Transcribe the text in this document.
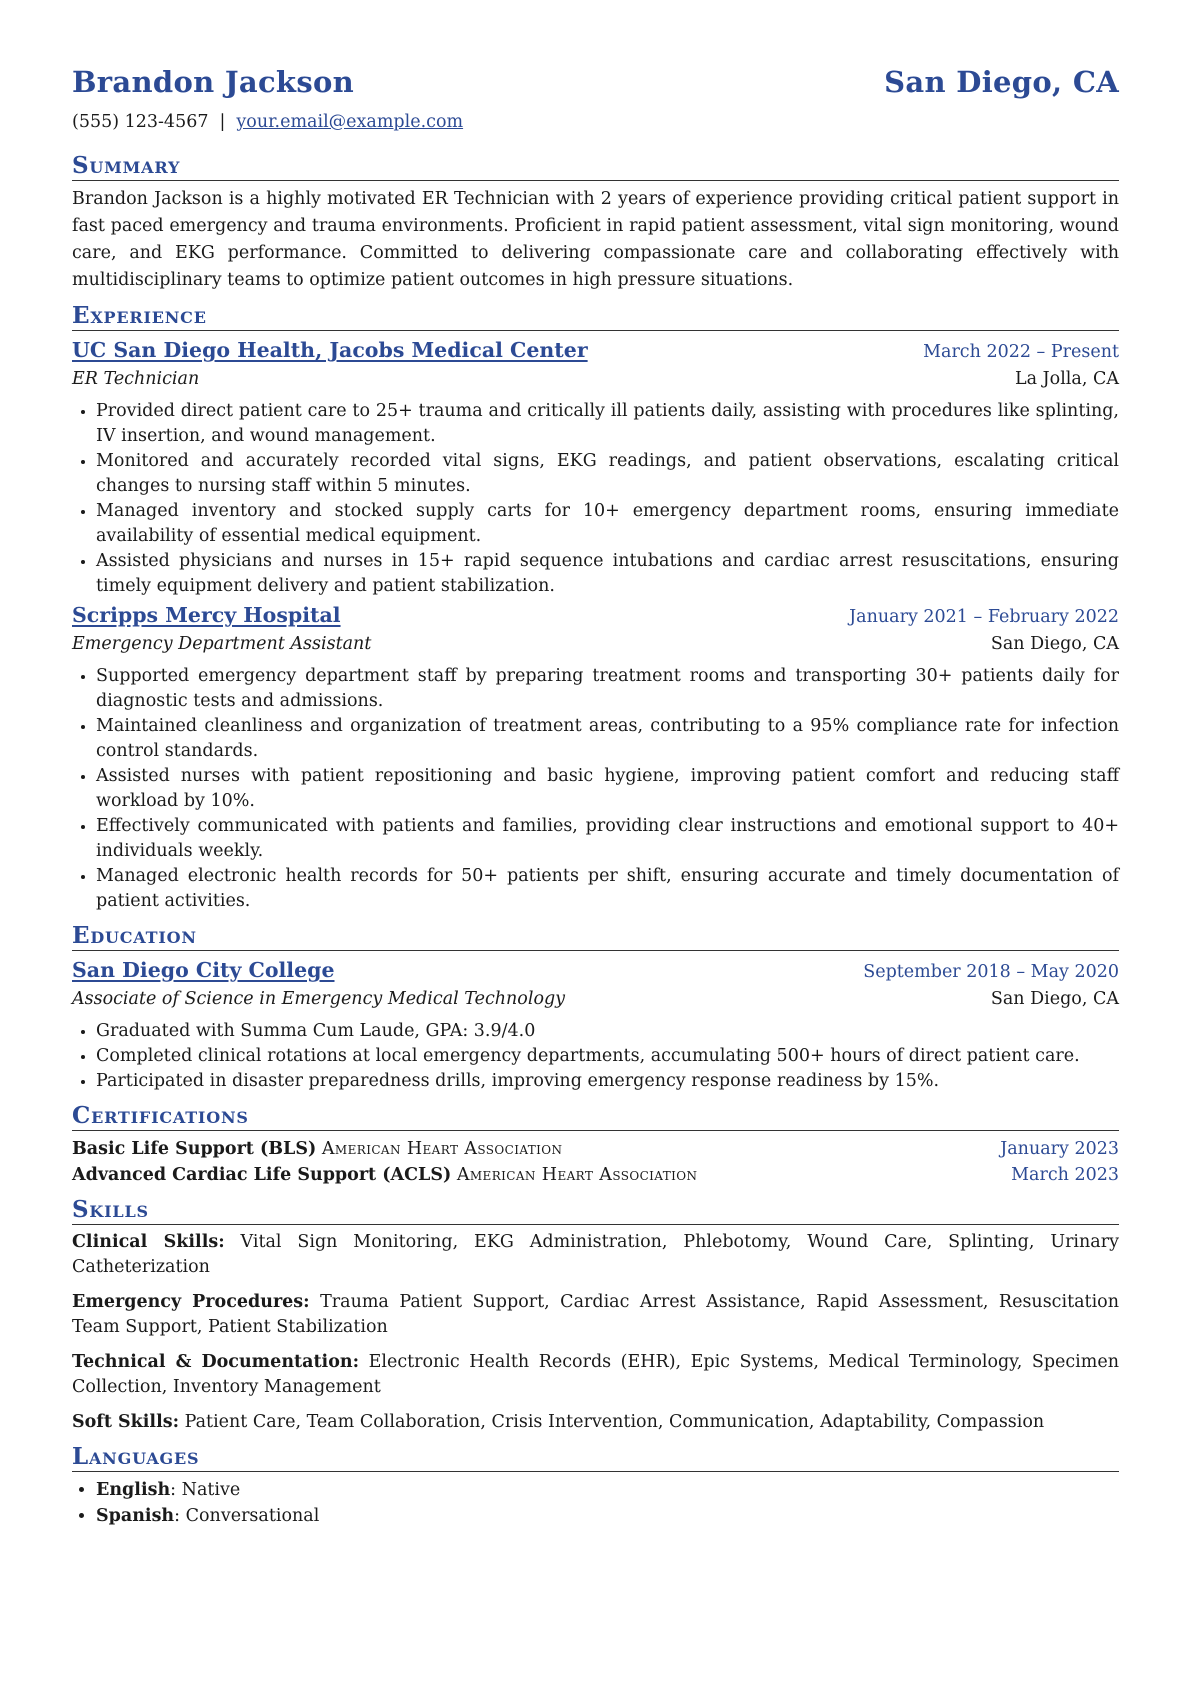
Brandon Jackson	San Diego, CA
(555) 123-4567 | your.email@example.com
Summary

Brandon Jackson is a highly motivated ER Technician with 2 years of experience providing critical patient support in fast paced emergency and trauma environments. Proficient in rapid patient assessment, vital sign monitoring, wound care, and EKG performance. Committed to delivering compassionate care and collaborating effectively with multidisciplinary teams to optimize patient outcomes in high pressure situations.

Experience
UC San Diego Health, Jacobs Medical Center	March 2022 – Present
ER Technician	La Jolla, CA
• Provided direct patient care to 25+ trauma and critically ill patients daily, assisting with procedures like splinting, IV insertion, and wound management.
• Monitored and accurately recorded vital signs, EKG readings, and patient observations, escalating critical changes to nursing staff within 5 minutes.
• Managed inventory and stocked supply carts for 10+ emergency department rooms, ensuring immediate availability of essential medical equipment.
• Assisted physicians and nurses in 15+ rapid sequence intubations and cardiac arrest resuscitations, ensuring timely equipment delivery and patient stabilization.
Scripps Mercy Hospital	January 2021 – February 2022
Emergency Department Assistant	San Diego, CA
• Supported emergency department staff by preparing treatment rooms and transporting 30+ patients daily for diagnostic tests and admissions.
• Maintained cleanliness and organization of treatment areas, contributing to a 95% compliance rate for infection control standards.
• Assisted nurses with patient repositioning and basic hygiene, improving patient comfort and reducing staff workload by 10%.
• Effectively communicated with patients and families, providing clear instructions and emotional support to 40+ individuals weekly.
• Managed electronic health records for 50+ patients per shift, ensuring accurate and timely documentation of patient activities.
Education
San Diego City College	September 2018 – May 2020
Associate of Science in Emergency Medical Technology	San Diego, CA
• Graduated with Summa Cum Laude, GPA: 3.9/4.0
• Completed clinical rotations at local emergency departments, accumulating 500+ hours of direct patient care.
• Participated in disaster preparedness drills, improving emergency response readiness by 15%.
Certifications
Basic Life Support (BLS) American Heart Association	January 2023
Advanced Cardiac Life Support (ACLS) American Heart Association	March 2023
Skills
Clinical Skills: Vital Sign Monitoring, EKG Administration, Phlebotomy, Wound Care, Splinting, Urinary Catheterization
Emergency Procedures: Trauma Patient Support, Cardiac Arrest Assistance, Rapid Assessment, Resuscitation Team Support, Patient Stabilization
Technical & Documentation: Electronic Health Records (EHR), Epic Systems, Medical Terminology, Specimen Collection, Inventory Management
Soft Skills: Patient Care, Team Collaboration, Crisis Intervention, Communication, Adaptability, Compassion
Languages
• English: Native
• Spanish: Conversational
